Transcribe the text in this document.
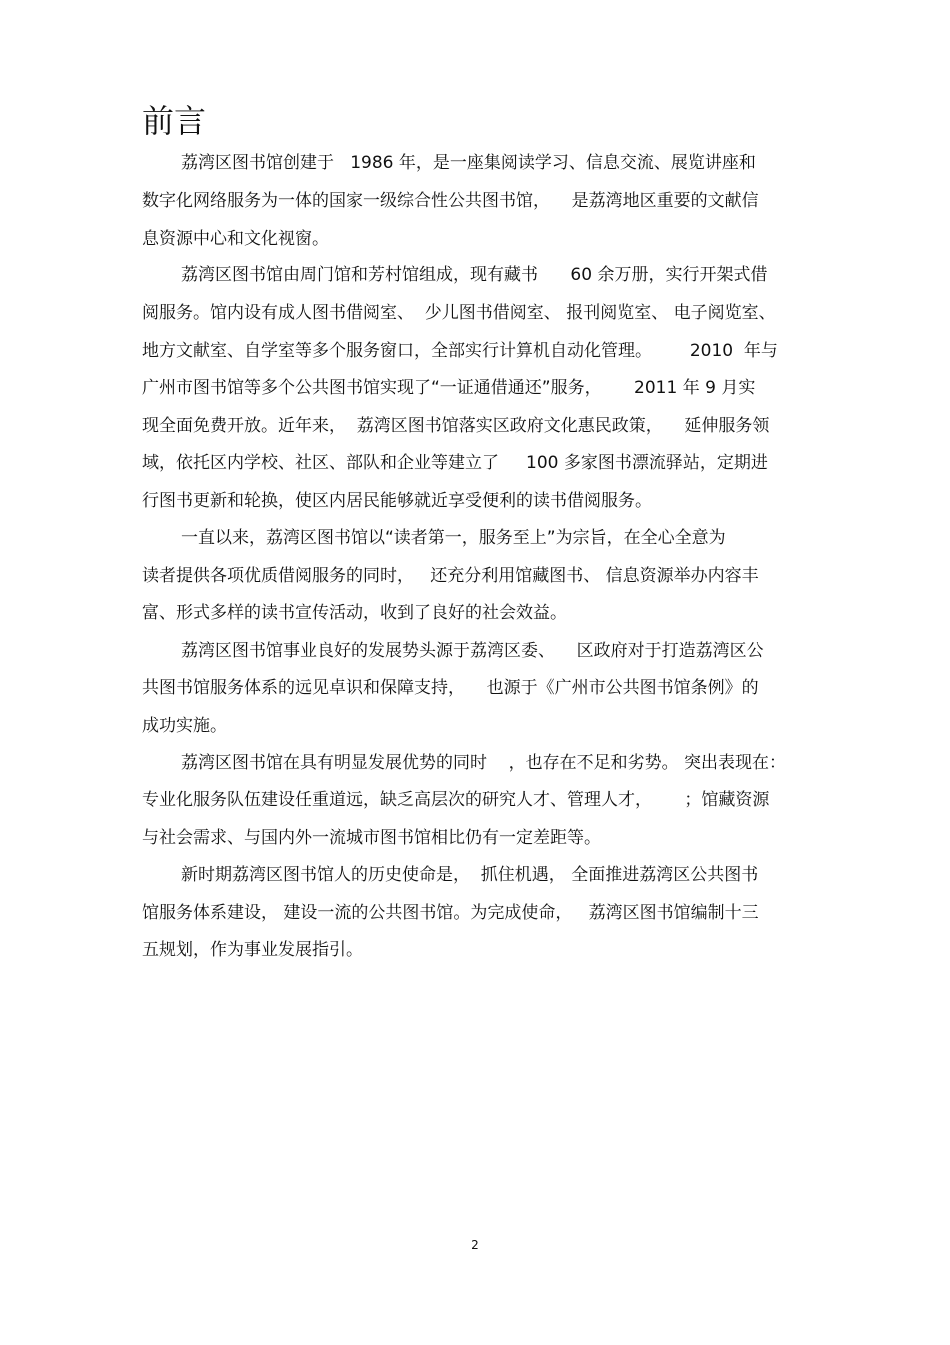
前言

荔湾区图书馆创建于   1986 年，是一座集阅读学习、信息交流、展览讲座和

数字化网络服务为一体的国家一级综合性公共图书馆，    是荔湾地区重要的文献信

息资源中心和文化视窗。

荔湾区图书馆由周门馆和芳村馆组成，现有藏书      60 余万册，实行开架式借

阅服务。馆内设有成人图书借阅室、  少儿图书借阅室、 报刊阅览室、 电子阅览室、

地方文献室、自学室等多个服务窗口，全部实行计算机自动化管理。       2010  年与

广州市图书馆等多个公共图书馆实现了“一证通借通还”服务，      2011 年 9 月实

现全面免费开放。近年来，  荔湾区图书馆落实区政府文化惠民政策，    延伸服务领

域，依托区内学校、社区、部队和企业等建立了     100 多家图书漂流驿站，定期进

行图书更新和轮换，使区内居民能够就近享受便利的读书借阅服务。

一直以来，荔湾区图书馆以“读者第一，服务至上”为宗旨，在全心全意为

读者提供各项优质借阅服务的同时，   还充分利用馆藏图书、 信息资源举办内容丰

富、形式多样的读书宣传活动，收到了良好的社会效益。

荔湾区图书馆事业良好的发展势头源于荔湾区委、    区政府对于打造荔湾区公

共图书馆服务体系的远见卓识和保障支持，    也源于《广州市公共图书馆条例》的

成功实施。

荔湾区图书馆在具有明显发展优势的同时    ，也存在不足和劣势。 突出表现在：

专业化服务队伍建设任重道远，缺乏高层次的研究人才、管理人才，      ；馆藏资源

与社会需求、与国内外一流城市图书馆相比仍有一定差距等。

新时期荔湾区图书馆人的历史使命是，  抓住机遇， 全面推进荔湾区公共图书

馆服务体系建设， 建设一流的公共图书馆。为完成使命，   荔湾区图书馆编制十三

五规划，作为事业发展指引。

2
